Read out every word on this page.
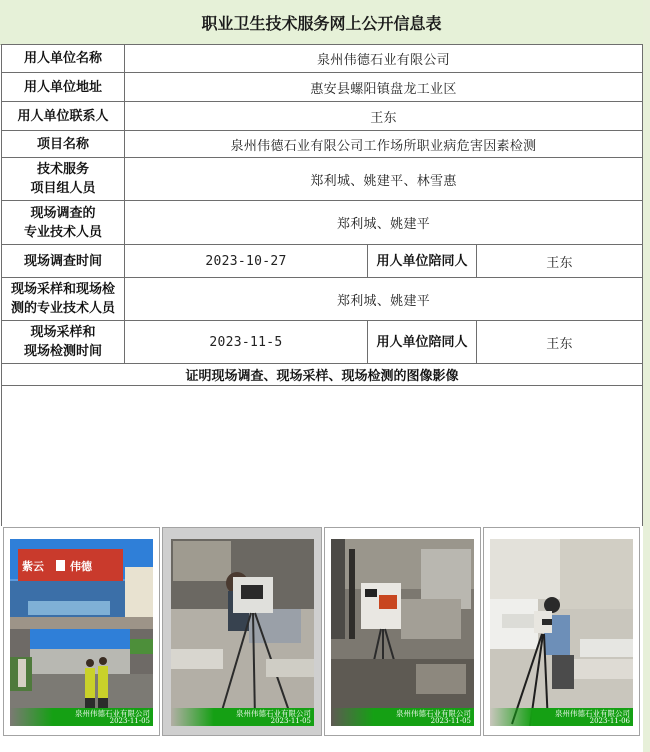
职业卫生技术服务网上公开信息表
用人单位名称	泉州伟德石业有限公司		
用人单位地址	惠安县螺阳镇盘龙工业区		
用人单位联系人	王东		
项目名称	泉州伟德石业有限公司工作场所职业病危害因素检测		

技术服务
项目组人员	郑利城、姚建平、林雪惠		

现场调查的
专业技术人员	郑利城、姚建平		
现场调查时间	2023-10-27	用人单位陪同人	王东

现场采样和现场检
测的专业技术人员	郑利城、姚建平		

现场采样和
现场检测时间	2023-11-5	用人单位陪同人	王东
证明现场调查、现场采样、现场检测的图像影像			

紫云 伟德
泉州伟德石业有限公司
2023-11-05
泉州伟德石业有限公司
2023-11-05
泉州伟德石业有限公司
2023-11-05
泉州伟德石业有限公司
2023-11-06
